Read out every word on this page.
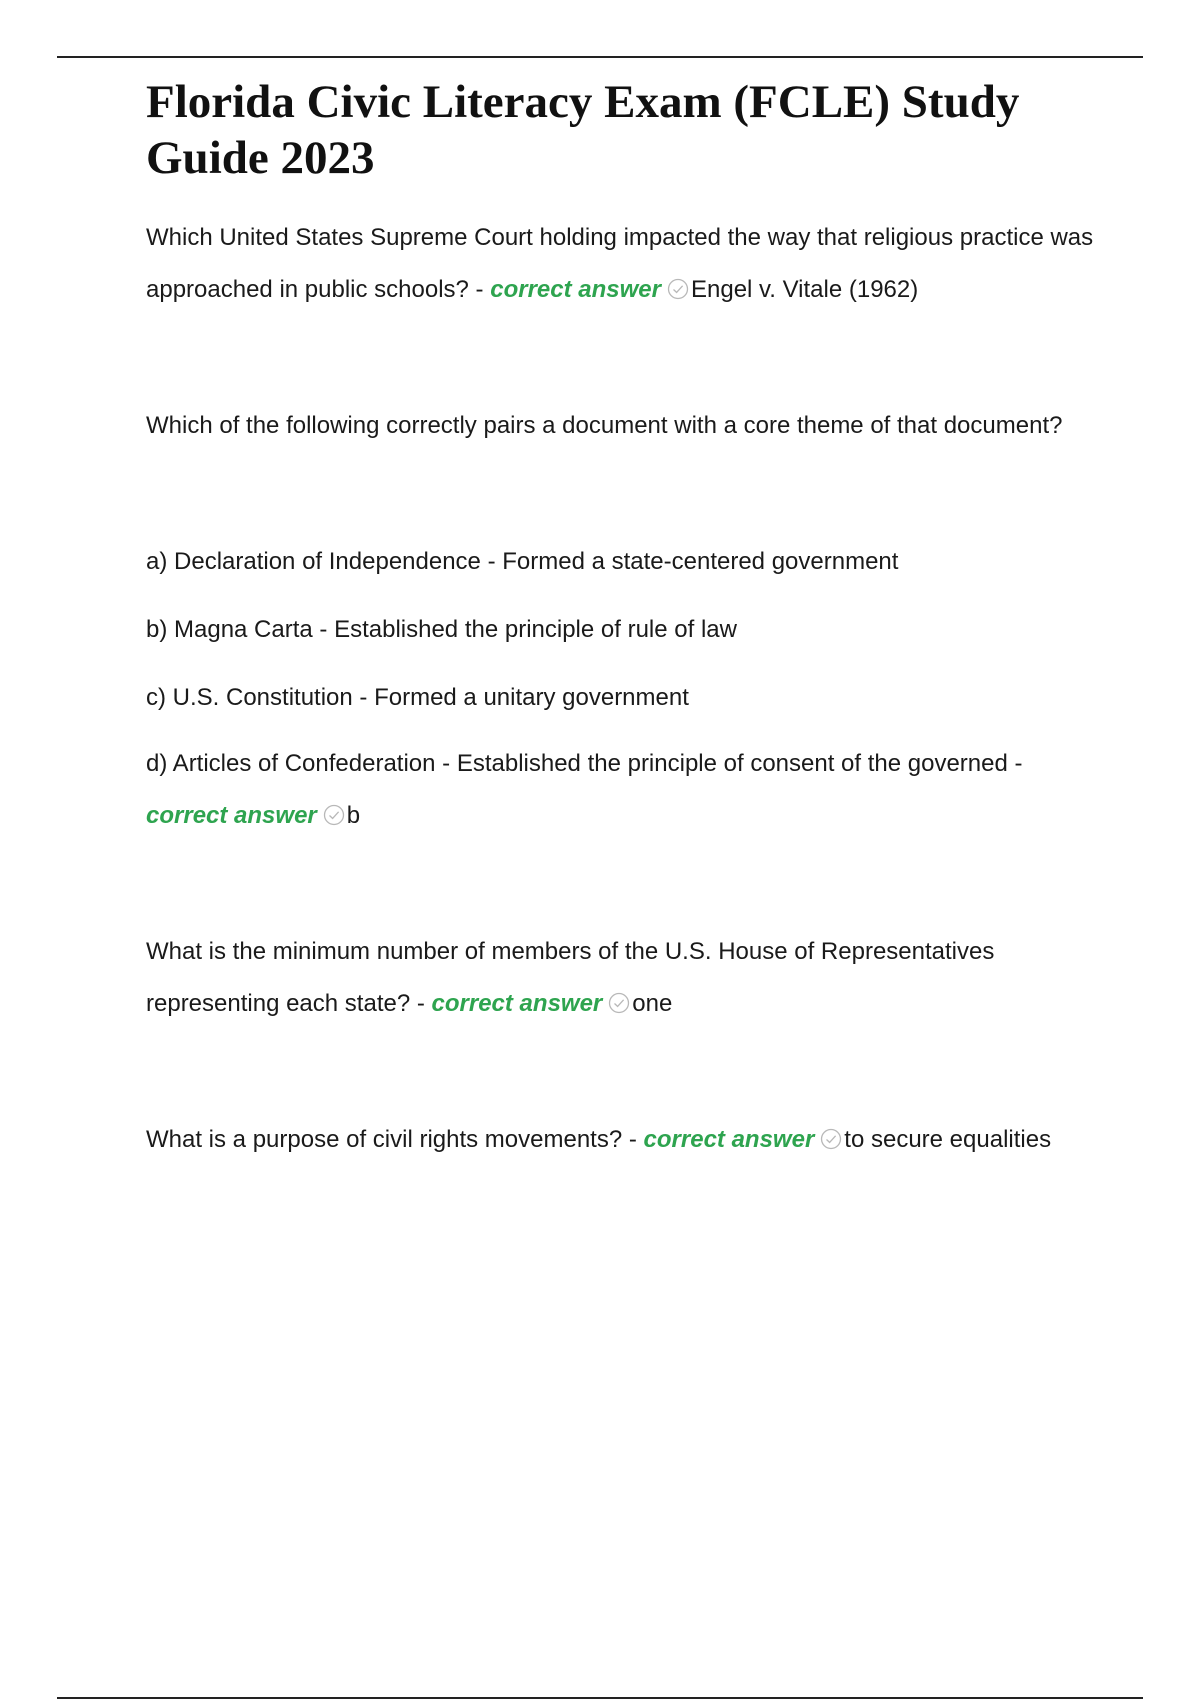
Florida Civic Literacy Exam (FCLE) Study Guide 2023

Which United States Supreme Court holding impacted the way that religious practice was approached in public schools? - correct answer Engel v. Vitale (1962)

Which of the following correctly pairs a document with a core theme of that document?

a) Declaration of Independence - Formed a state-centered government

b) Magna Carta - Established the principle of rule of law

c) U.S. Constitution - Formed a unitary government

d) Articles of Confederation - Established the principle of consent of the governed - correct answer b

What is the minimum number of members of the U.S. House of Representatives representing each state? - correct answer one

What is a purpose of civil rights movements? - correct answer to secure equalities
